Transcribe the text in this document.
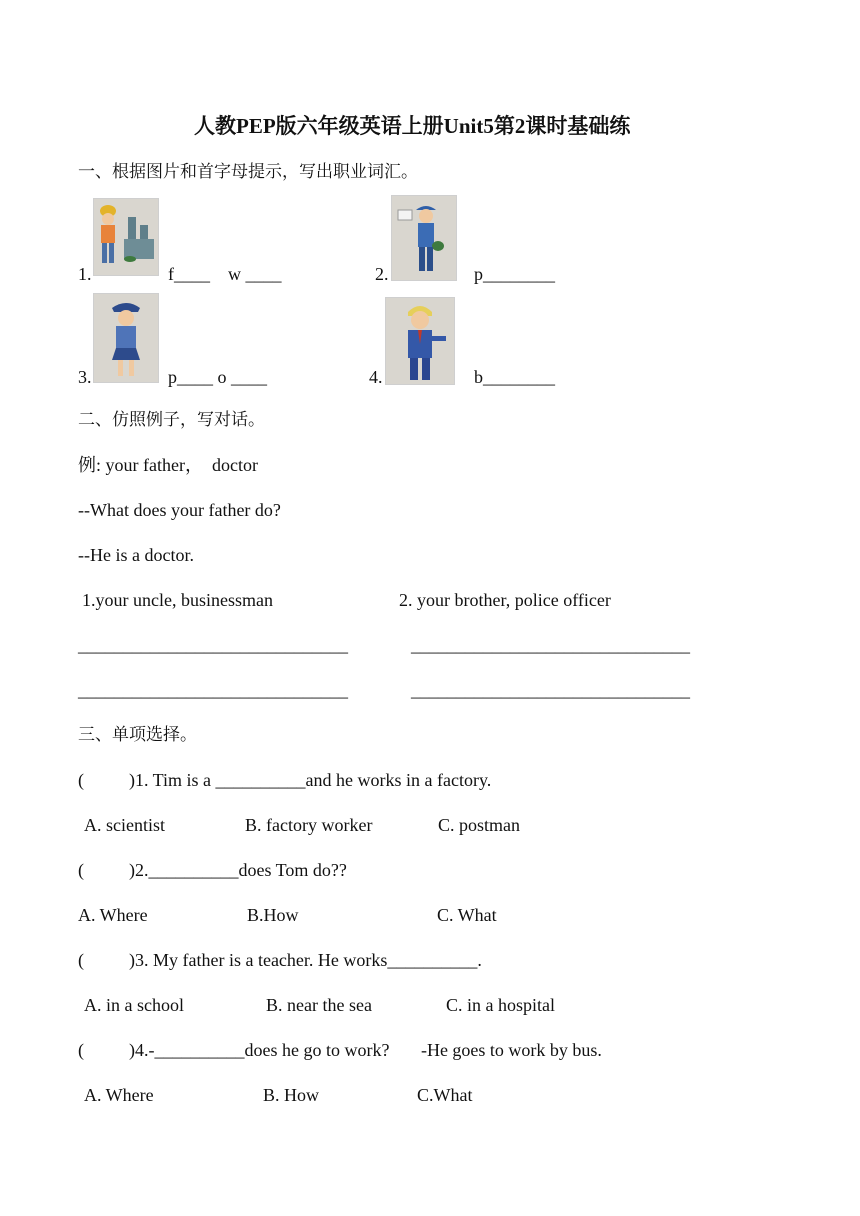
人教PEP版六年级英语上册Unit5第2课时基础练
一、根据图片和首字母提示，写出职业词汇。
1.	f____    w ____	2.	p________
3.	p____ o ____	4.	b________
二、仿照例子，写对话。
例: your father，  doctor
--What does your father do?
--He is a doctor.
1.your uncle, businessman	2. your brother, police officer
______________________________	_______________________________
______________________________	_______________________________
三、单项选择。
(          )1. Tim is a __________and he works in a factory.
A. scientist	B. factory worker	C. postman
(          )2.__________does Tom do??
A. Where	B.How	C. What
(          )3. My father is a teacher. He works__________.
A. in a school	B. near the sea	C. in a hospital
(          )4.-__________does he go to work?       -He goes to work by bus.
A. Where	B. How	C.What
